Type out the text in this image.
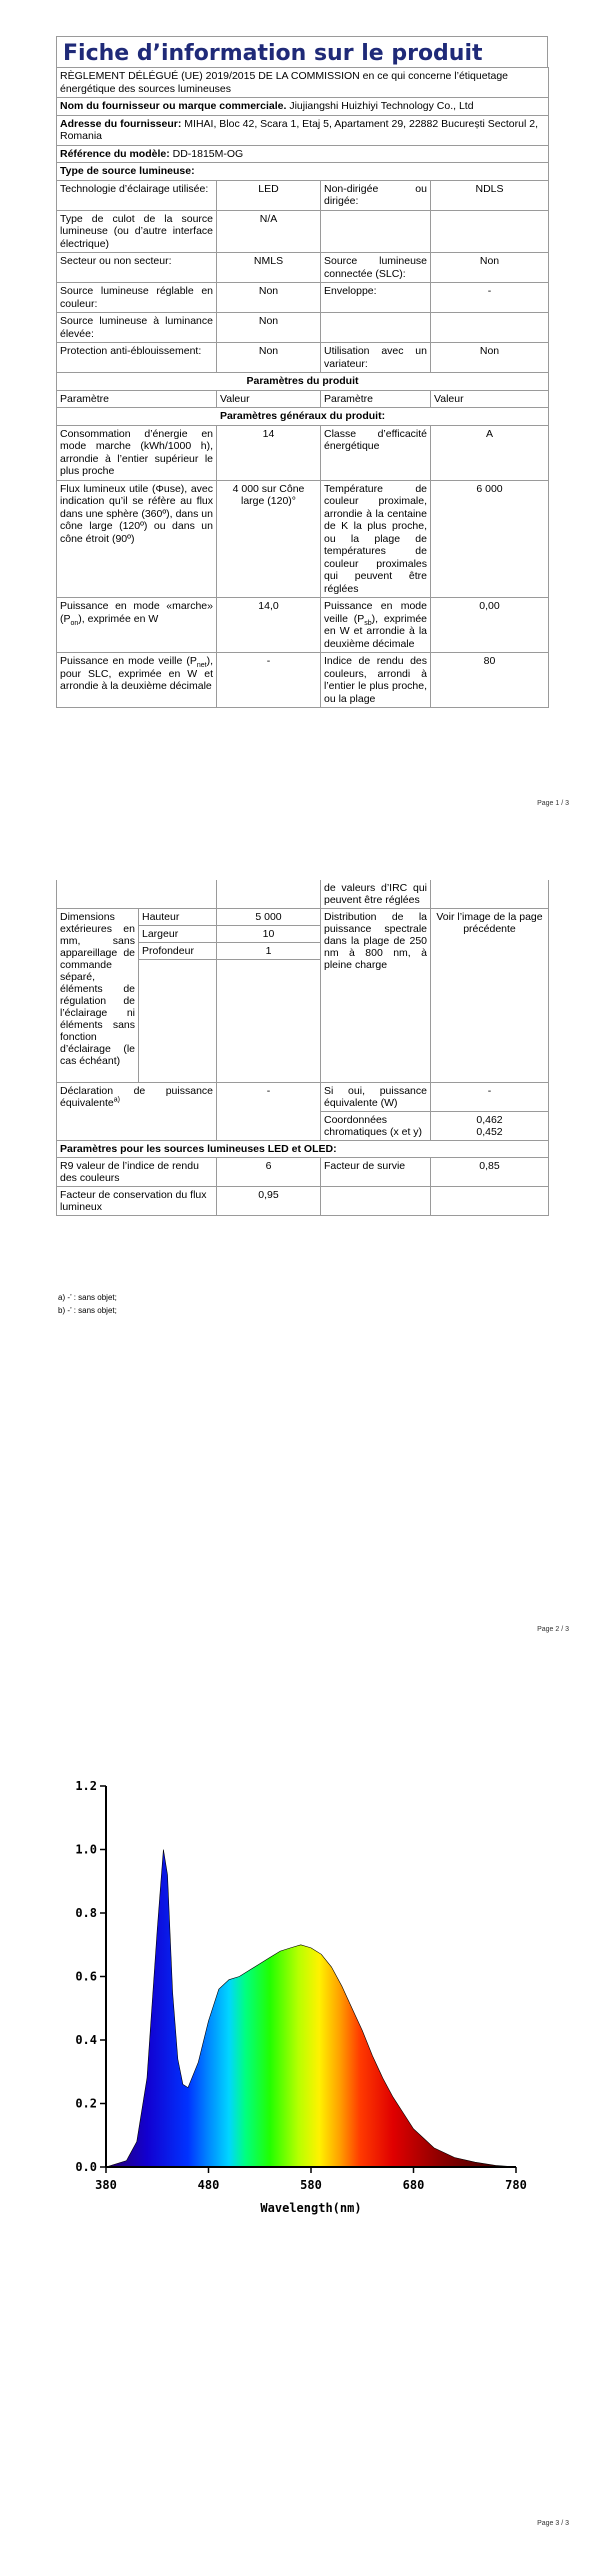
Fiche d’information sur le produit
RÈGLEMENT DÉLÉGUÉ (UE) 2019/2015 DE LA COMMISSION en ce qui concerne l’étiquetage énergétique des sources lumineuses			
Nom du fournisseur ou marque commerciale. Jiujiangshi Huizhiyi Technology Co., Ltd			
Adresse du fournisseur: MIHAI, Bloc 42, Scara 1, Etaj 5, Apartament 29, 22882 București Sectorul 2, Romania			
Référence du modèle: DD-1815M-OG			
Type de source lumineuse:			
Technologie d’éclairage utilisée:	LED	Non-dirigée ou dirigée:	NDLS
Type de culot de la source lumineuse (ou d’autre interface électrique)	N/A		
Secteur ou non secteur:	NMLS	Source lumineuse connectée (SLC):	Non
Source lumineuse réglable en couleur:	Non	Enveloppe:	-
Source lumineuse à luminance élevée:	Non		
Protection anti-éblouissement:	Non	Utilisation avec un variateur:	Non
Paramètres du produit			
Paramètre	Valeur	Paramètre	Valeur
Paramètres généraux du produit:			
Consommation d’énergie en mode marche (kWh/1000 h), arrondie à l’entier supérieur le plus proche	14	Classe d’efficacité énergétique	A
Flux lumineux utile (Φuse), avec indication qu’il se réfère au flux dans une sphère (360º), dans un cône large (120º) ou dans un cône étroit (90º)	4 000 sur Cône large (120)°	Température de couleur proximale, arrondie à la centaine de K la plus proche, ou la plage de températures de couleur proximales qui peuvent être réglées	6 000
Puissance en mode «marche» $(P_{on})$, exprimée en W	14,0	Puissance en mode veille $(P_{sb})$, exprimée en W et arrondie à la deuxième décimale	0,00
Puissance en mode veille $(P_{net})$, pour SLC, exprimée en W et arrondie à la deuxième décimale	-	Indice de rendu des couleurs, arrondi à l’entier le plus proche, ou la plage	80
Page 1 / 3
			de valeurs d’IRC qui peuvent être réglées	
Dimensions extérieures en mm, sans appareillage de commande séparé, éléments de régulation de l’éclairage ni éléments sans fonction d’éclairage (le cas échéant)	Hauteur	5 000	Distribution de la puissance spectrale dans la plage de 250 nm à 800 nm, à pleine charge	Voir l’image de la page précédente
	Largeur	10		
	Profondeur	1		

Déclaration de puissance équivalente$^{a)}$		-	Si oui, puissance équivalente (W)	-
			Coordonnées chromatiques (x et y)	0,462
0,452

Paramètres pour les sources lumineuses LED et OLED:				
R9 valeur de l’indice de rendu des couleurs		6	Facteur de survie	0,85
Facteur de conservation du flux lumineux		0,95		
a) -’ : sans objet;
b) -’ : sans objet;
Page 2 / 3
0.0
0.2
0.4
0.6
0.8
1.0
1.2
380	480	580	680	780
Wavelength(nm)
Page 3 / 3
